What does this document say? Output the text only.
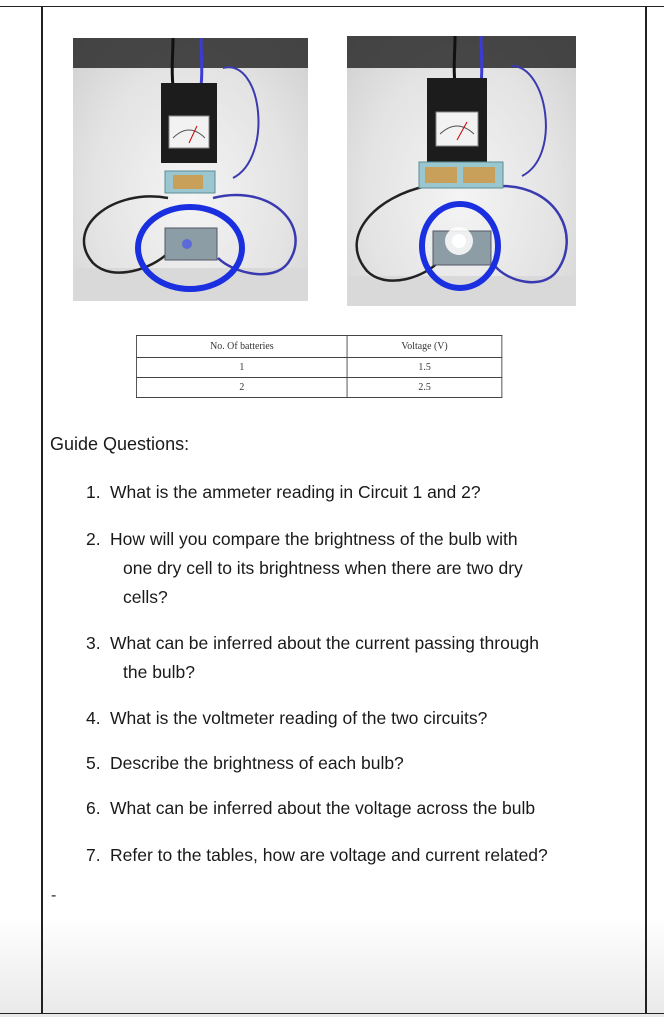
No. Of batteries	Voltage (V)
1	1.5
2	2.5
Guide Questions:
1. What is the ammeter reading in Circuit 1 and 2?
2. How will you compare the brightness of the bulb with
one dry cell to its brightness when there are two dry
cells?
3. What can be inferred about the current passing through
the bulb?
4. What is the voltmeter reading of the two circuits?
5. Describe the brightness of each bulb?
6. What can be inferred about the voltage across the bulb
7. Refer to the tables, how are voltage and current related?
-
